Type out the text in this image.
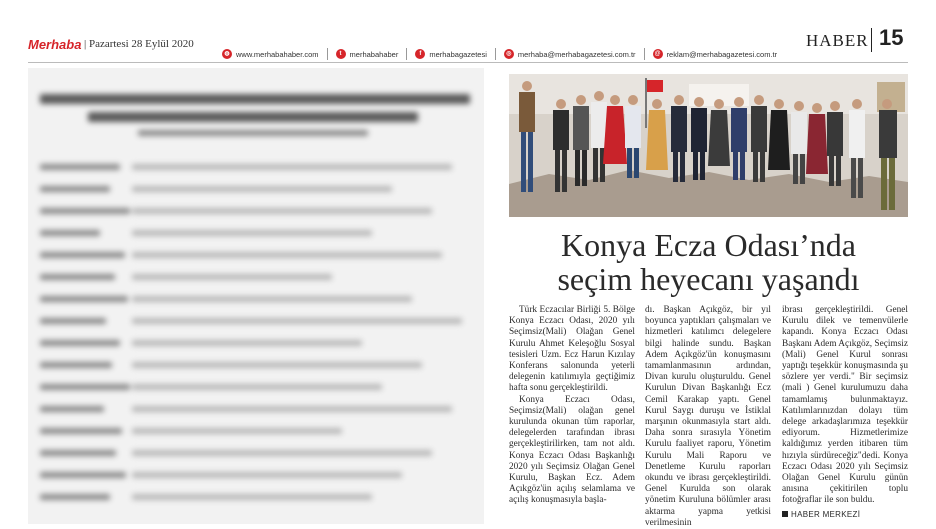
Merhaba | Pazartesi 28 Eylül 2020
◍ www.merhabahaber.com	t	merhabahaber	f	merhabagazetesi	◎ merhaba@merhabagazetesi.com.tr	@ reklam@merhabagazetesi.com.tr
HABER 15
Konya Ecza Odası’nda
seçim heyecanı yaşandı

Türk Eczacılar Birliği 5. Bölge Konya Eczacı Odası, 2020 yılı Seçimsiz(Mali) Olağan Genel Kurulu Ahmet Keleşoğlu Sosyal tesisleri Uzm. Ecz Harun Kızılay Konferans salonunda yeterli delegenin katılımıyla geçtiğimiz hafta sonu gerçekleştirildi.

Konya Eczacı Odası, Seçimsiz(Mali) olağan genel kurulunda okunan tüm raporlar, delegelerden tarafından ibrası gerçekleştirilirken, tam not aldı. Konya Eczacı Odası Başkanlığı 2020 yılı Seçimsiz Olağan Genel Kurulu, Başkan Ecz. Adem Açıkgöz'ün açılış selamlama ve açılış konuşmasıyla başla-

dı. Başkan Açıkgöz, bir yıl boyunca yaptıkları çalışmaları ve hizmetleri katılımcı delegelere bilgi halinde sundu. Başkan Adem Açıkgöz'ün konuşmasını tamamlanmasının ardından, Divan kurulu oluşturuldu. Genel Kurulun Divan Başkanlığı Ecz Cemil Karakap yaptı. Genel Kurul Saygı duruşu ve İstiklal marşının okunmasıyla start aldı. Daha sonra sırasıyla Yönetim Kurulu faaliyet raporu, Yönetim Kurulu Mali Raporu ve Denetleme Kurulu raporları okundu ve ibrası gerçekleştirildi. Genel Kurulda son olarak yönetim Kuruluna bölümler arası aktarma yapma yetkisi verilmesinin

ibrası gerçekleştirildi. Genel Kurulu dilek ve temenvülerle kapandı. Konya Eczacı Odası Başkanı Adem Açıkgöz, Seçimsiz (Mali) Genel Kurul sonrası yaptığı teşekkür konuşmasında şu sözlere yer verdi." Bir seçimsiz (mali ) Genel kurulumuzu daha tamamlamış bulunmaktayız. Katılımlarınızdan dolayı tüm delege arkadaşlarımıza teşekkür ediyorum. Hizmetlerimize kaldığımız yerden itibaren tüm hızıyla sürdüreceğiz"dedi. Konya Eczacı Odası 2020 yılı Seçimsiz Olağan Genel Kurulu günün anısına çekitirilen toplu fotoğraflar ile son buldu.

HABER MERKEZİ
